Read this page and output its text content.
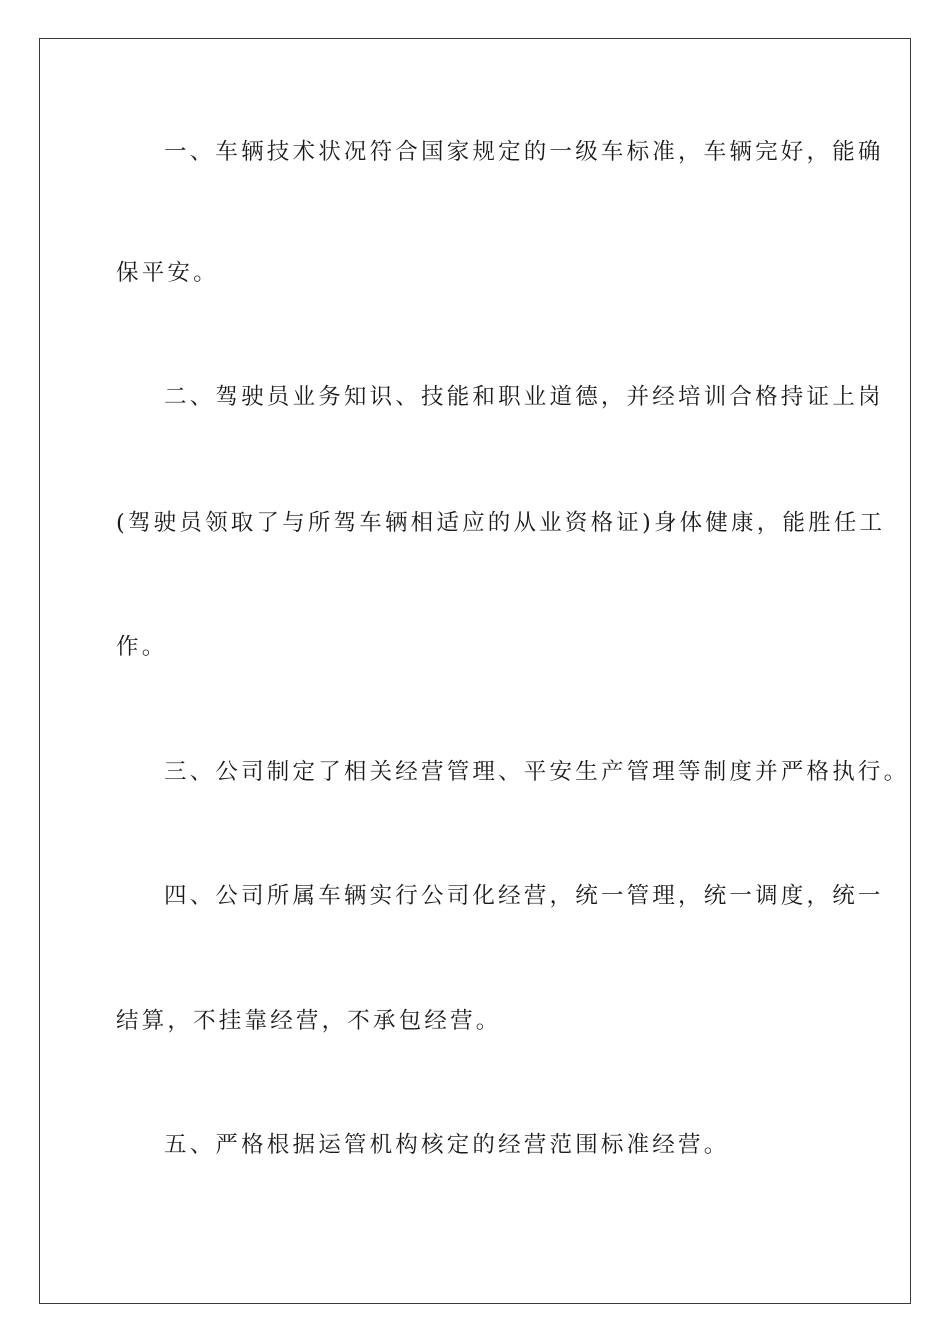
一、车辆技术状况符合国家规定的一级车标准，车辆完好，能确
保平安。
二、驾驶员业务知识、技能和职业道德，并经培训合格持证上岗
(驾驶员领取了与所驾车辆相适应的从业资格证)身体健康，能胜任工
作。
三、公司制定了相关经营管理、平安生产管理等制度并严格执行。
四、公司所属车辆实行公司化经营，统一管理，统一调度，统一
结算，不挂靠经营，不承包经营。
五、严格根据运管机构核定的经营范围标准经营。
